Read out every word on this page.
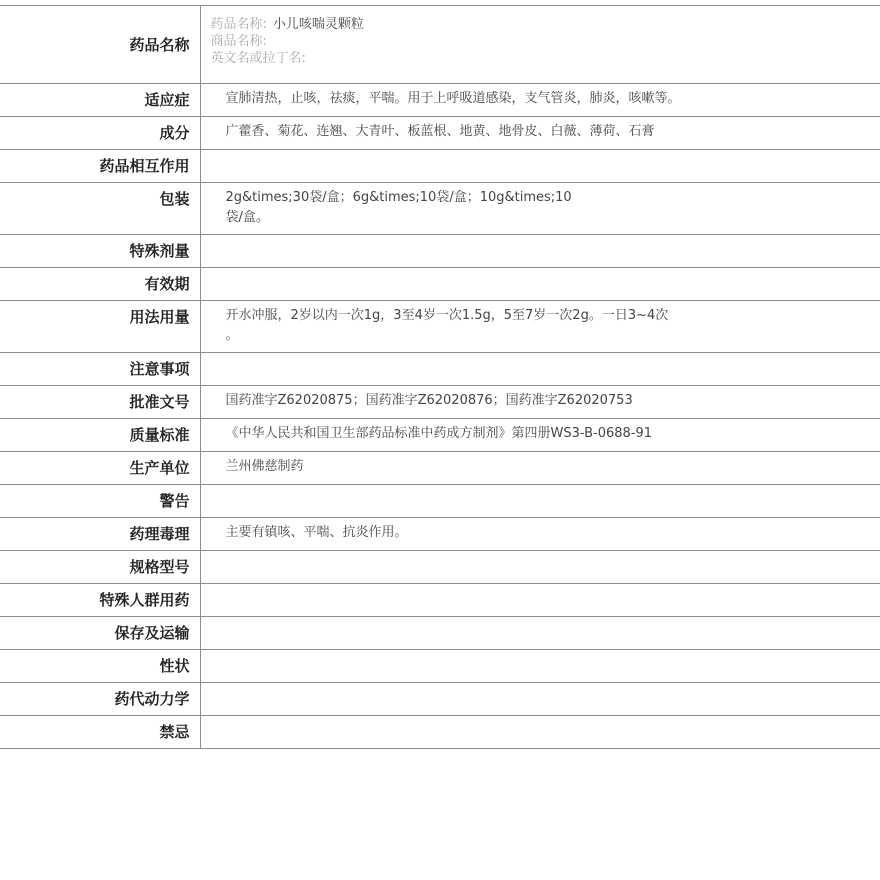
药品名称	药品名称: 小儿咳喘灵颗粒
商品名称:
英文名或拉丁名:

适应症	宣肺清热，止咳，祛痰，平喘。用于上呼吸道感染，支气管炎，肺炎，咳嗽等。
成分	广藿香、菊花、连翘、大青叶、板蓝根、地黄、地骨皮、白薇、薄荷、石膏
药品相互作用	
包装	2g&times;30袋/盒；6g&times;10袋/盒；10g&times;10
袋/盒。

特殊剂量	
有效期	
用法用量	开水冲服，2岁以内一次1g，3至4岁一次1.5g，5至7岁一次2g。一日3~4次
。

注意事项	
批准文号	国药准字Z62020875；国药准字Z62020876；国药准字Z62020753
质量标准	《中华人民共和国卫生部药品标准中药成方制剂》第四册WS3-B-0688-91
生产单位	兰州佛慈制药
警告	
药理毒理	主要有镇咳、平喘、抗炎作用。
规格型号	
特殊人群用药	
保存及运输	
性状	
药代动力学	
禁忌	
